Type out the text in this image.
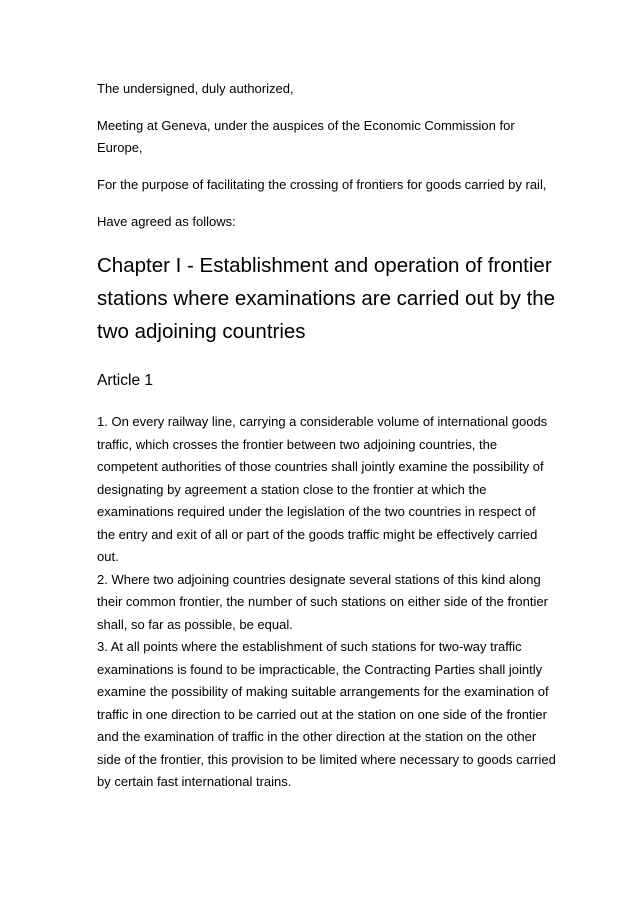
The undersigned, duly authorized,

Meeting at Geneva, under the auspices of the Economic Commission for Europe,

For the purpose of facilitating the crossing of frontiers for goods carried by rail,

Have agreed as follows:

Chapter I - Establishment and operation of frontier stations where examinations are carried out by the two adjoining countries
Article 1

1. On every railway line, carrying a considerable volume of international goods traffic, which crosses the frontier between two adjoining countries, the competent authorities of those countries shall jointly examine the possibility of designating by agreement a station close to the frontier at which the examinations required under the legislation of the two countries in respect of the entry and exit of all or part of the goods traffic might be effectively carried out.

2. Where two adjoining countries designate several stations of this kind along their common frontier, the number of such stations on either side of the frontier shall, so far as possible, be equal.

3. At all points where the establishment of such stations for two-way traffic examinations is found to be impracticable, the Contracting Parties shall jointly examine the possibility of making suitable arrangements for the examination of traffic in one direction to be carried out at the station on one side of the frontier and the examination of traffic in the other direction at the station on the other side of the frontier, this provision to be limited where necessary to goods carried by certain fast international trains.
